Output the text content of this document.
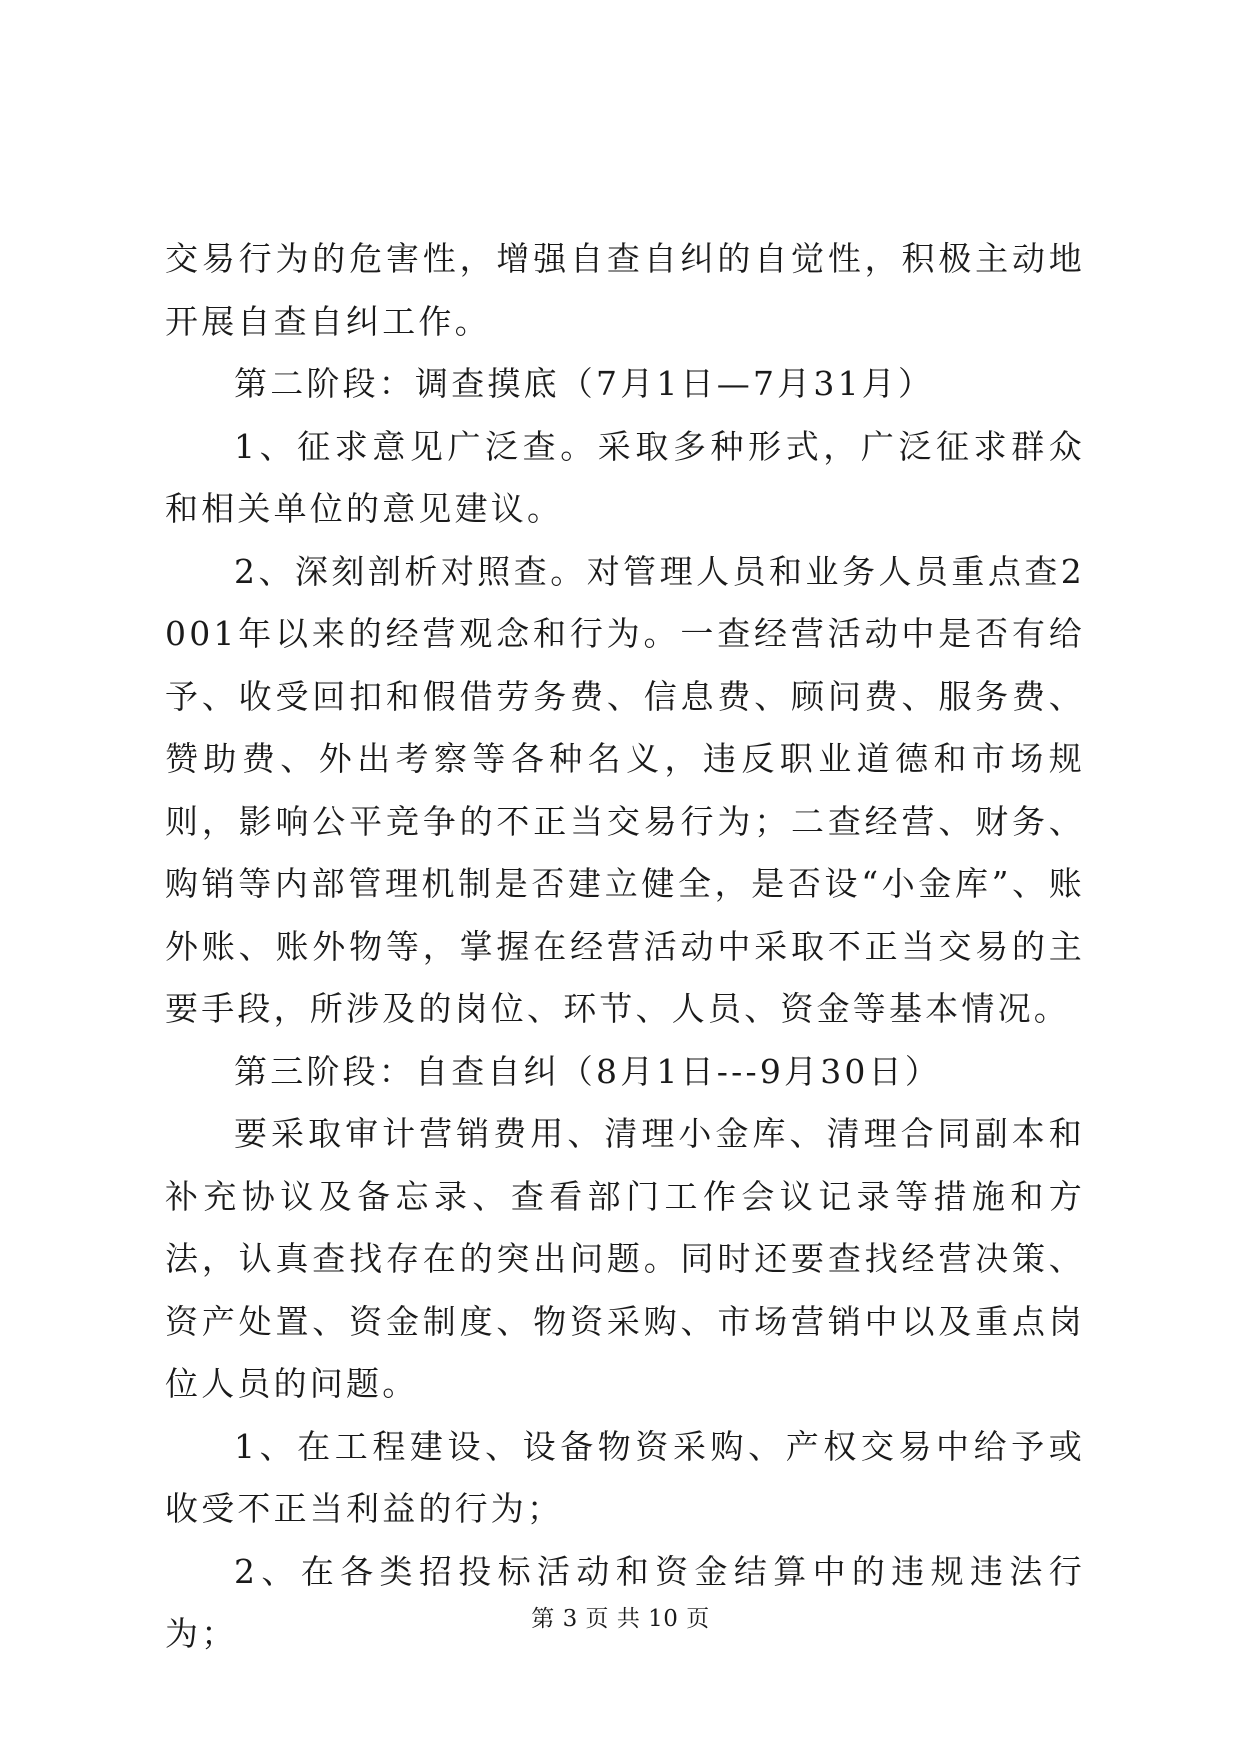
交易行为的危害性，增强自查自纠的自觉性，积极主动地开展自查自纠工作。

第二阶段：调查摸底（7月1日—7月31月）

1、征求意见广泛查。采取多种形式，广泛征求群众和相关单位的意见建议。

2、深刻剖析对照查。对管理人员和业务人员重点查2001年以来的经营观念和行为。一查经营活动中是否有给予、收受回扣和假借劳务费、信息费、顾问费、服务费、赞助费、外出考察等各种名义，违反职业道德和市场规则，影响公平竞争的不正当交易行为；二查经营、财务、购销等内部管理机制是否建立健全，是否设“小金库”、账外账、账外物等，掌握在经营活动中采取不正当交易的主要手段，所涉及的岗位、环节、人员、资金等基本情况。

第三阶段：自查自纠（8月1日---9月30日）

要采取审计营销费用、清理小金库、清理合同副本和补充协议及备忘录、查看部门工作会议记录等措施和方法，认真查找存在的突出问题。同时还要查找经营决策、资产处置、资金制度、物资采购、市场营销中以及重点岗位人员的问题。

1、在工程建设、设备物资采购、产权交易中给予或收受不正当利益的行为；

2、在各类招投标活动和资金结算中的违规违法行为；	第 3 页 共 10 页
